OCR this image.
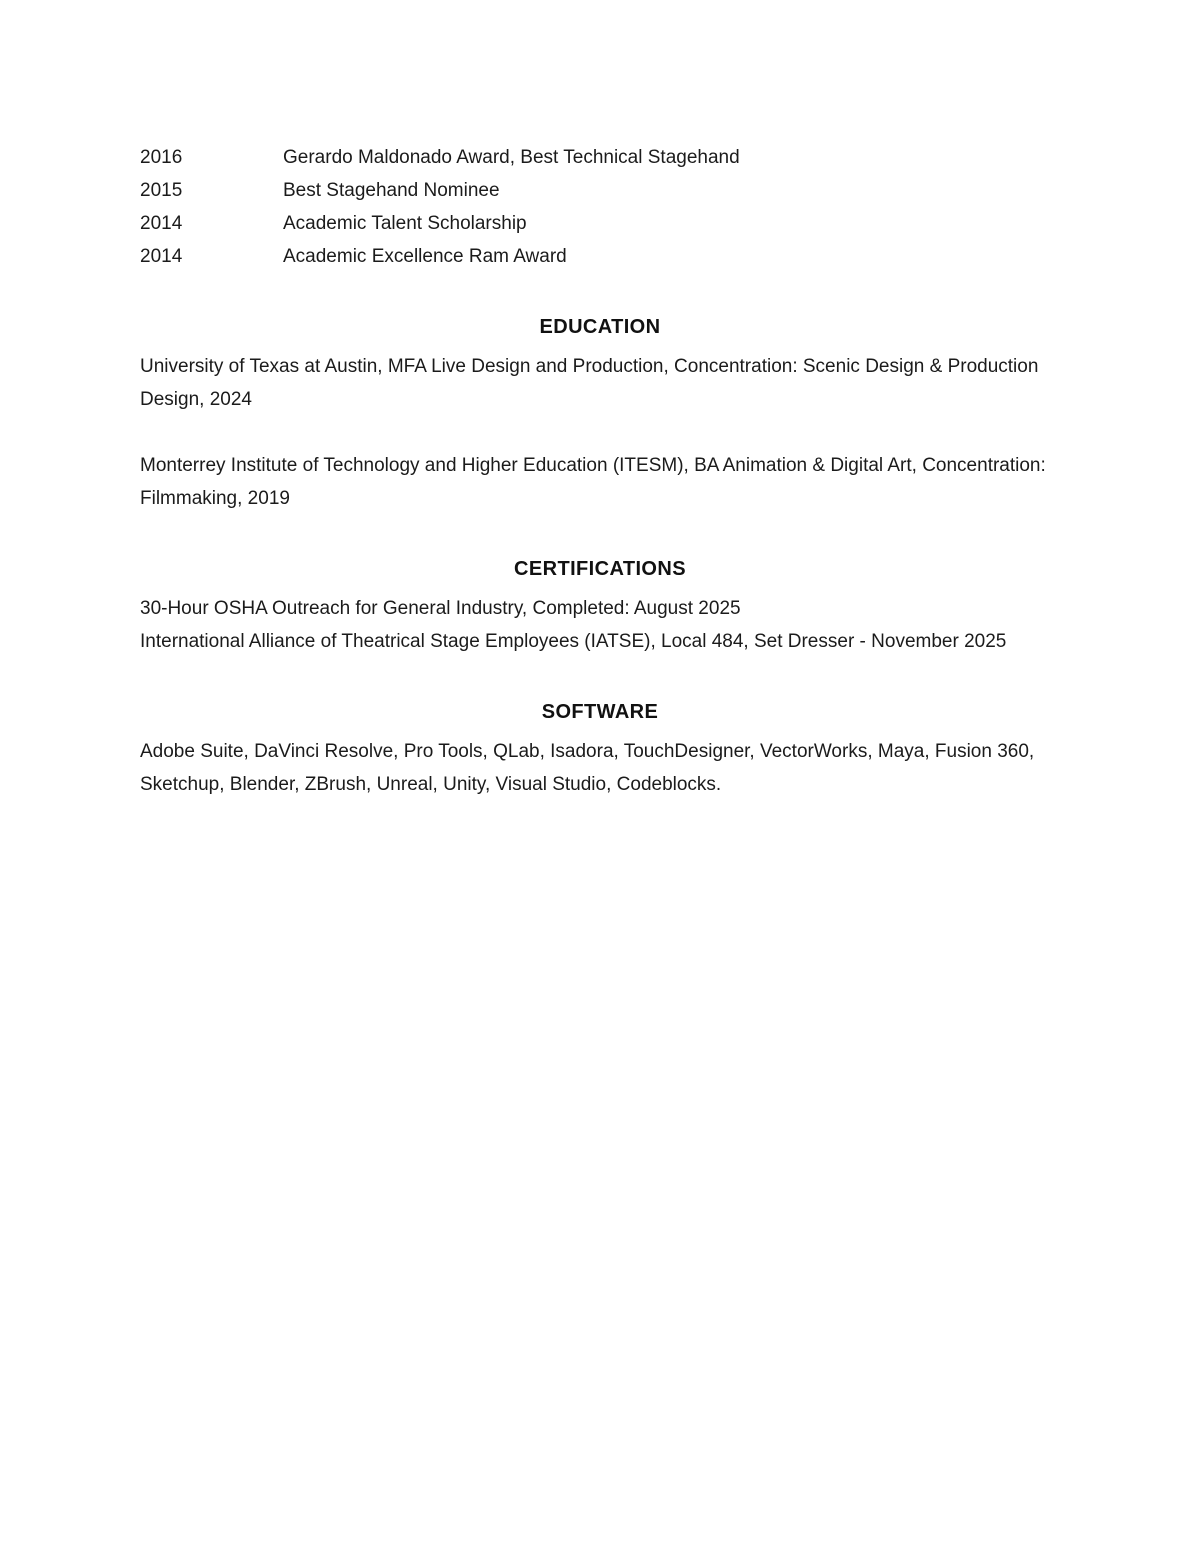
2016	Gerardo Maldonado Award, Best Technical Stagehand
2015	Best Stagehand Nominee
2014	Academic Talent Scholarship
2014	Academic Excellence Ram Award
EDUCATION

University of Texas at Austin, MFA Live Design and Production, Concentration: Scenic Design & Production Design, 2024

Monterrey Institute of Technology and Higher Education (ITESM), BA Animation & Digital Art, Concentration: Filmmaking, 2019

CERTIFICATIONS

30-Hour OSHA Outreach for General Industry, Completed: August 2025

International Alliance of Theatrical Stage Employees (IATSE), Local 484, Set Dresser - November 2025

SOFTWARE

Adobe Suite, DaVinci Resolve, Pro Tools, QLab, Isadora, TouchDesigner, VectorWorks, Maya, Fusion 360, Sketchup, Blender, ZBrush, Unreal, Unity, Visual Studio, Codeblocks.
